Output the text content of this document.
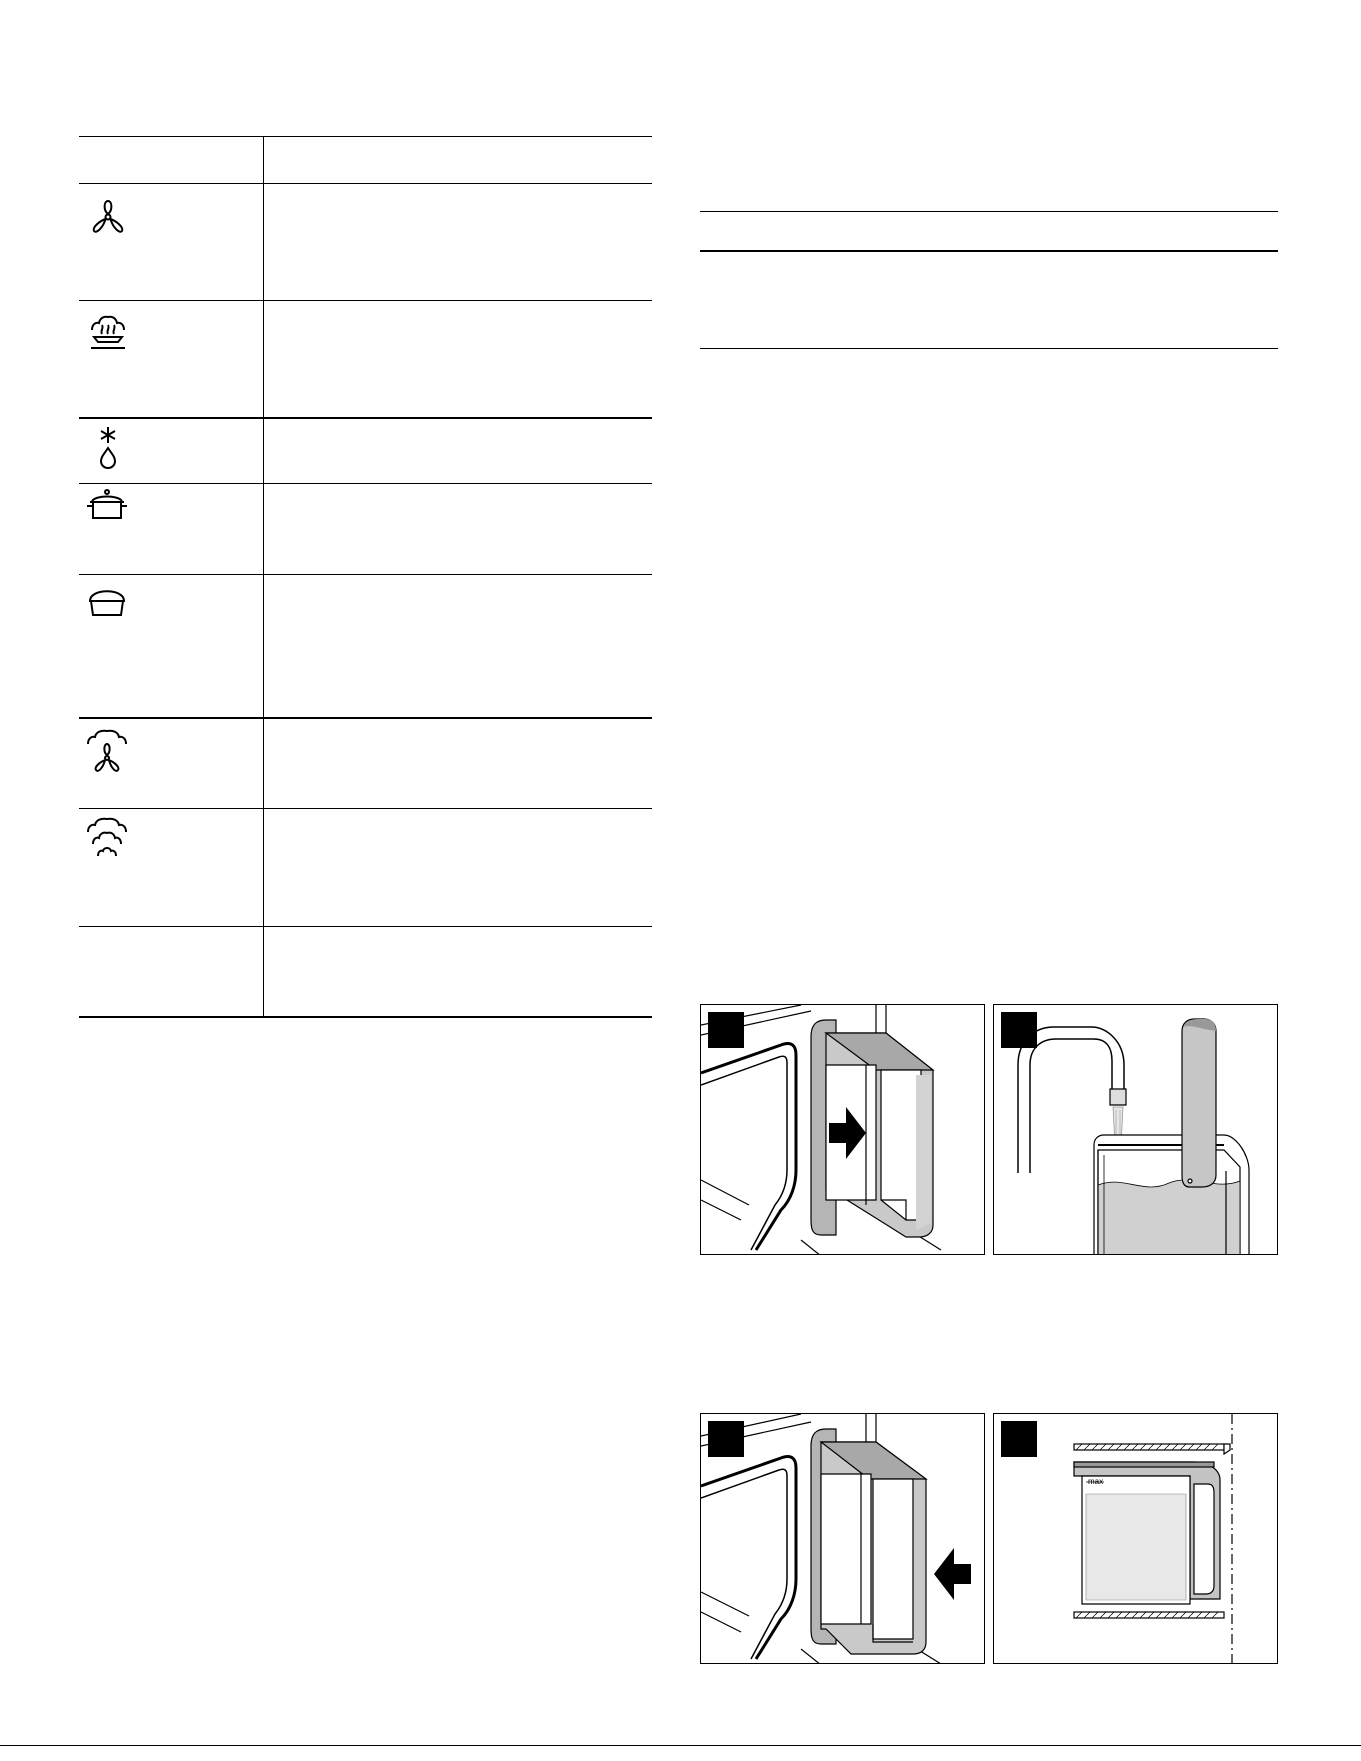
max
